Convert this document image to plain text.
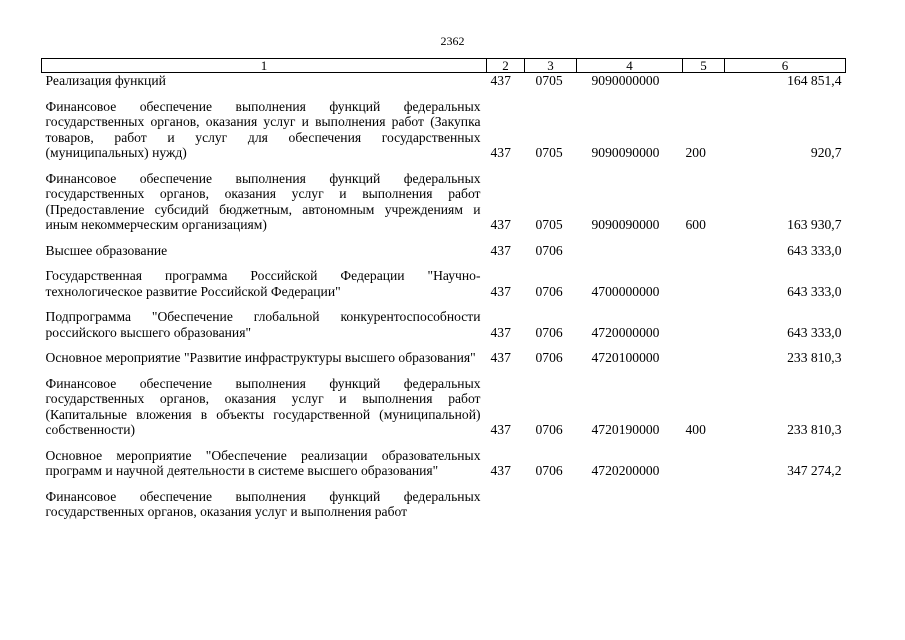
2362
1	2	3	4	5	6
Реализация функций	437	0705	9090000000		164 851,4
Финансовое обеспечение выполнения функций федеральных государственных органов, оказания услуг и выполнения работ (Закупка товаров, работ и услуг для обеспечения государственных (муниципальных) нужд)	437	0705	9090090000	200	920,7
Финансовое обеспечение выполнения функций федеральных государственных органов, оказания услуг и выполнения работ (Предоставление субсидий бюджетным, автономным учреждениям и иным некоммерческим организациям)	437	0705	9090090000	600	163 930,7
Высшее образование	437	0706			643 333,0
Государственная программа Российской Федерации "Научно-технологическое развитие Российской Федерации"	437	0706	4700000000		643 333,0
Подпрограмма "Обеспечение глобальной конкурентоспособности российского высшего образования"	437	0706	4720000000		643 333,0
Основное мероприятие "Развитие инфраструктуры высшего образования"	437	0706	4720100000		233 810,3
Финансовое обеспечение выполнения функций федеральных государственных органов, оказания услуг и выполнения работ (Капитальные вложения в объекты государственной (муниципальной) собственности)	437	0706	4720190000	400	233 810,3
Основное мероприятие "Обеспечение реализации образовательных программ и научной деятельности в системе высшего образования"	437	0706	4720200000		347 274,2
Финансовое обеспечение выполнения функций федеральных государственных органов, оказания услуг и выполнения работ					
